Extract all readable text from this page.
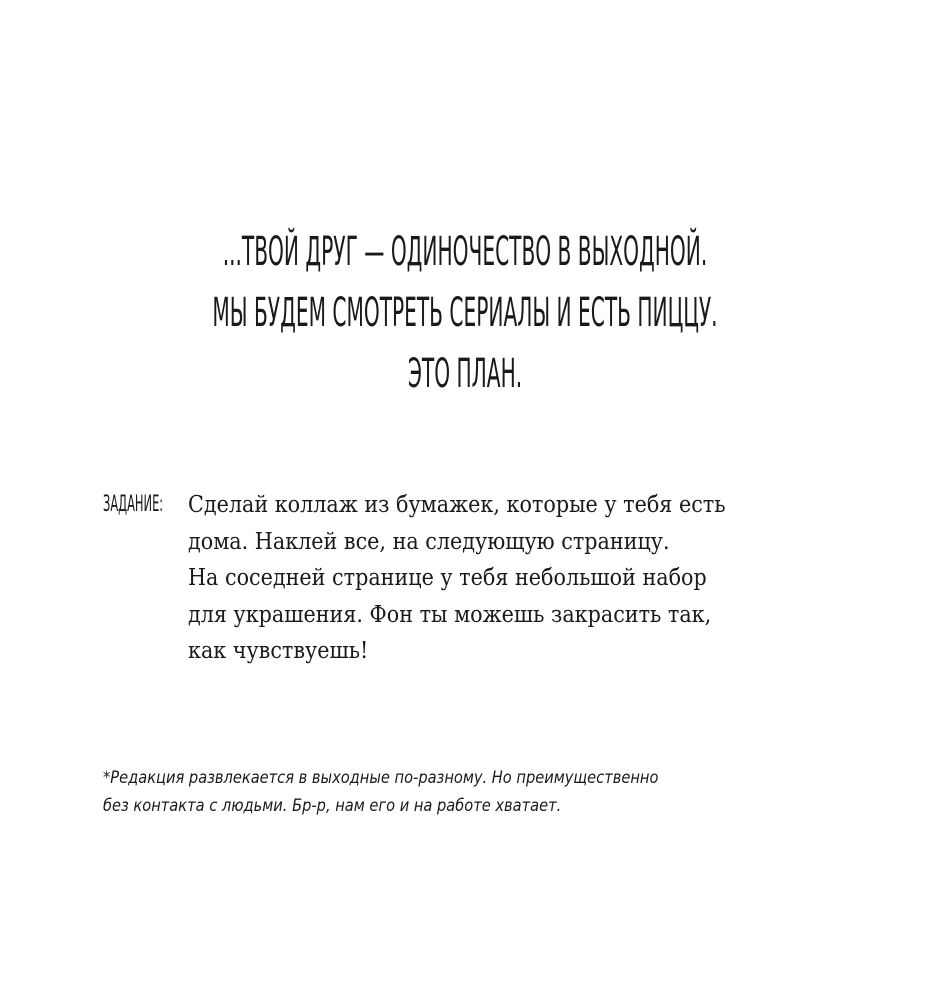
...ТВОЙ ДРУГ — ОДИНОЧЕСТВО В ВЫХОДНОЙ.
МЫ БУДЕМ СМОТРЕТЬ СЕРИАЛЫ И ЕСТЬ ПИЦЦУ.
ЭТО ПЛАН.
ЗАДАНИЕ: Сделай коллаж из бумажек, которые у тебя есть
дома. Наклей все, на следующую страницу.
На соседней странице у тебя небольшой набор
для украшения. Фон ты можешь закрасить так,
как чувствуешь!
*Редакция развлекается в выходные по-разному. Но преимущественно
без контакта с людьми. Бр-р, нам его и на работе хватает.
